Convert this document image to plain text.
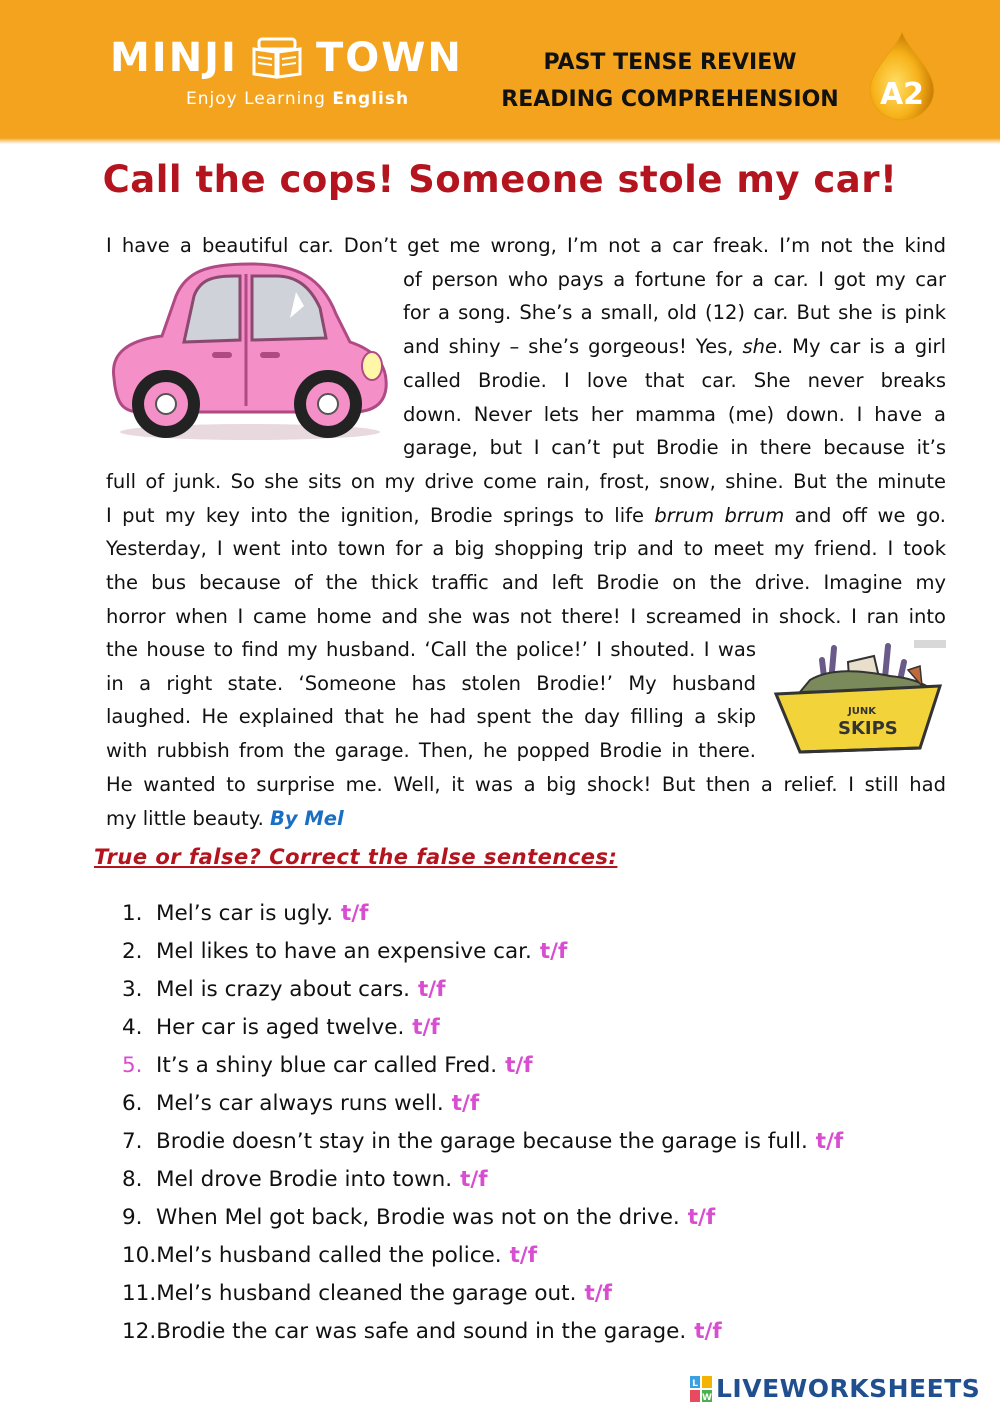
MINJI TOWN
Enjoy Learning English
PAST TENSE REVIEW
READING COMPREHENSION	A2
Call the cops! Someone stole my car!
I have a beautiful car. Don’t get me wrong, I’m not a car freak. I’m not the kind
of person who pays a fortune for a car. I got my car
for a song. She’s a small, old (12) car. But she is pink
and shiny – she’s gorgeous! Yes, she. My car is a girl
called Brodie. I love that car. She never breaks
down. Never lets her mamma (me) down. I have a
garage, but I can’t put Brodie in there because it’s
full of junk. So she sits on my drive come rain, frost, snow, shine. But the minute
I put my key into the ignition, Brodie springs to life brrum brrum and off we go.
Yesterday, I went into town for a big shopping trip and to meet my friend. I took
the bus because of the thick traffic and left Brodie on the drive. Imagine my
horror when I came home and she was not there! I screamed in shock. I ran into
the house to find my husband. ‘Call the police!’ I shouted. I was
in a right state. ‘Someone has stolen Brodie!’ My husband
laughed. He explained that he had spent the day filling a skip
with rubbish from the garage. Then, he popped Brodie in there.
JUNK
SKIPS
He wanted to surprise me. Well, it was a big shock! But then a relief. I still had
my little beauty. By Mel
True or false? Correct the false sentences:
1. Mel’s car is ugly. t/f
2. Mel likes to have an expensive car. t/f
3. Mel is crazy about cars. t/f
4. Her car is aged twelve. t/f
5. It’s a shiny blue car called Fred. t/f
6. Mel’s car always runs well. t/f
7. Brodie doesn’t stay in the garage because the garage is full. t/f
8. Mel drove Brodie into town. t/f
9. When Mel got back, Brodie was not on the drive. t/f
10.Mel’s husband called the police. t/f
11.Mel’s husband cleaned the garage out. t/f
12.Brodie the car was safe and sound in the garage. t/f
L
W LIVEWORKSHEETS
